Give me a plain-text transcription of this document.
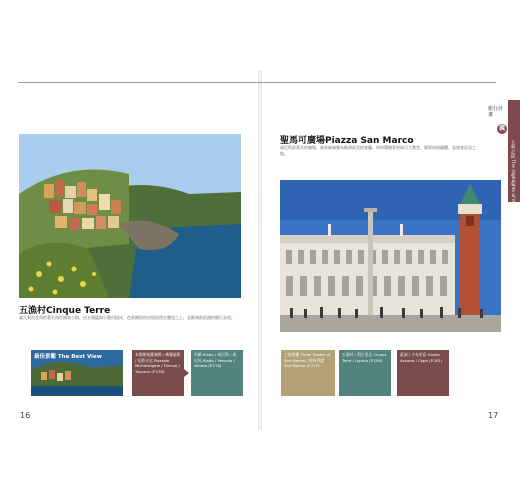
五漁村Cinque Terre
義大利西北角的著名海岸國家公園，由五個臨海小漁村組成，色彩繽紛的房屋依偎在懸崖之上，是歐洲最浪漫的健行步道。
聖馬可廣場Piazza San Marco
威尼斯最著名的廣場，被拿破崙譽為歐洲最美的客廳，四周環繞著聖馬可大教堂、總督府與鐘樓，是遊客必訪之地。
旅行計畫
義
大利之最 The Highlights of Italy
最佳景觀 The Best View	米開朗基羅廣場 / 佛羅倫斯 / 托斯卡尼 Piazzale Michelangelo / Firenze / Tuscany (P.159)
吊橋 Rialto / 威尼斯 / 威尼托 Rialto / Venezia / Veneto (P.178)
三座塔樓 Three Towers of San Marino / 聖馬利諾 San Marino (P.227)
五漁村 / 利古里亞 Cinque Terre / Liguria (P.258)
藍洞 / 卡布里島 Grotta Azzurra / Capri (P.281)
16	17
